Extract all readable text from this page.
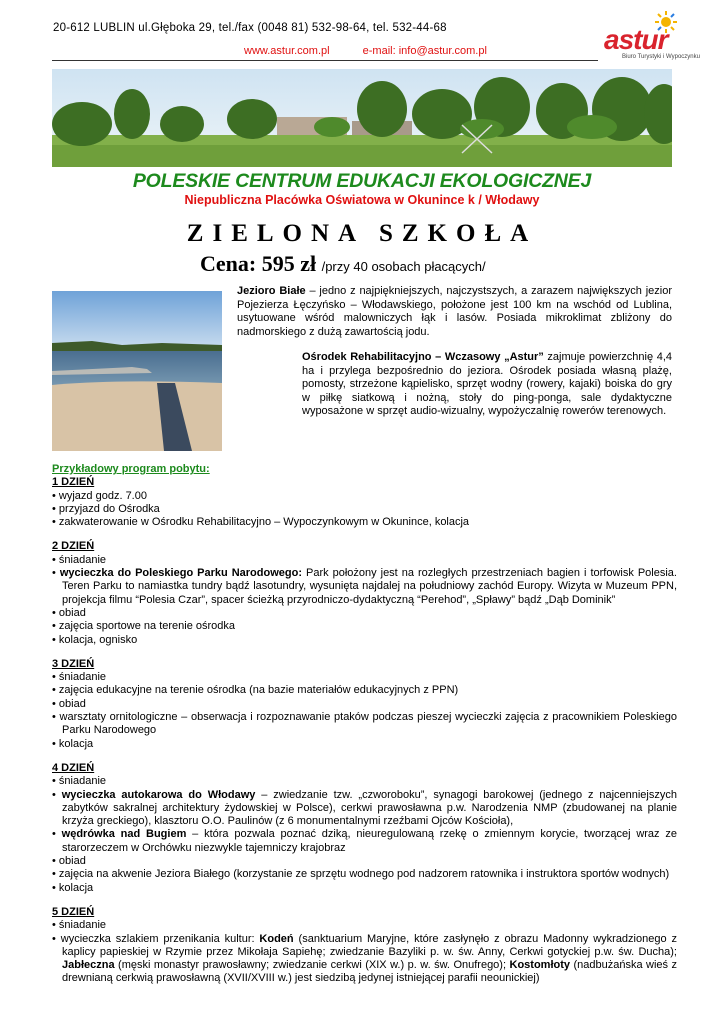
20-612 LUBLIN ul.Głęboka 29, tel./fax (0048 81) 532-98-64, tel. 532-44-68
www.astur.com.pl	e-mail: info@astur.com.pl	astur
Biuro Turystyki i Wypoczynku
POLESKIE CENTRUM EDUKACJI EKOLOGICZNEJ
Niepubliczna Placówka Oświatowa w Okunince k / Włodawy
ZIELONA SZKOŁA
Cena: 595 zł /przy 40 osobach płacących/
Jezioro Białe – jedno z najpiękniejszych, najczystszych, a zarazem największych jezior Pojezierza Łęczyńsko – Włodawskiego, położone jest 100 km na wschód od Lublina, usytuowane wśród malowniczych łąk i lasów. Posiada mikroklimat zbliżony do nadmorskiego z dużą zawartością jodu.
Ośrodek Rehabilitacyjno – Wczasowy „Astur” zajmuje powierzchnię 4,4 ha i przylega bezpośrednio do jeziora. Ośrodek posiada własną plażę, pomosty, strzeżone kąpielisko, sprzęt wodny (rowery, kajaki) boiska do gry w piłkę siatkową i nożną, stoły do ping-ponga, sale dydaktyczne wyposażone w sprzęt audio-wizualny, wypożyczalnię rowerów terenowych.
Przykładowy program pobytu:
1 DZIEŃ
• wyjazd godz. 7.00
• przyjazd do Ośrodka
• zakwaterowanie w Ośrodku Rehabilitacyjno – Wypoczynkowym w Okunince, kolacja
2 DZIEŃ
• śniadanie
• wycieczka do Poleskiego Parku Narodowego: Park położony jest na rozległych przestrzeniach bagien i torfowisk Polesia. Teren Parku to namiastka tundry bądź lasotundry, wysunięta najdalej na południowy zachód Europy. Wizyta w Muzeum PPN, projekcja filmu “Polesia Czar”, spacer ścieżką przyrodniczo-dydaktyczną “Perehod”, „Spławy” bądź „Dąb Dominik”
• obiad
• zajęcia sportowe na terenie ośrodka
• kolacja, ognisko
3 DZIEŃ
• śniadanie
• zajęcia edukacyjne na terenie ośrodka (na bazie materiałów edukacyjnych z PPN)
• obiad
• warsztaty ornitologiczne – obserwacja i rozpoznawanie ptaków podczas pieszej wycieczki zajęcia z pracownikiem Poleskiego Parku Narodowego
• kolacja
4 DZIEŃ
• śniadanie
• wycieczka autokarowa do Włodawy – zwiedzanie tzw. „czworoboku”, synagogi barokowej (jednego z najcenniejszych zabytków sakralnej architektury żydowskiej w Polsce), cerkwi prawosławna p.w. Narodzenia NMP (zbudowanej na planie krzyża greckiego), klasztoru O.O. Paulinów (z 6 monumentalnymi rzeźbami Ojców Kościoła),
• wędrówka nad Bugiem – która pozwala poznać dziką, nieuregulowaną rzekę o zmiennym korycie, tworzącej wraz ze starorzeczem w Orchówku niezwykle tajemniczy krajobraz
• obiad
• zajęcia na akwenie Jeziora Białego (korzystanie ze sprzętu wodnego pod nadzorem ratownika i instruktora sportów wodnych)
• kolacja
5 DZIEŃ
• śniadanie
• wycieczka szlakiem przenikania kultur: Kodeń (sanktuarium Maryjne, które zasłynęło z obrazu Madonny wykradzionego z kaplicy papieskiej w Rzymie przez Mikołaja Sapiehę; zwiedzanie Bazyliki p. w. św. Anny, Cerkwi gotyckiej p.w. św. Ducha); Jabłeczna (męski monastyr prawosławny; zwiedzanie cerkwi (XIX w.) p. w. św. Onufrego); Kostomłoty (nadbużańska wieś z drewnianą cerkwią prawosławną (XVII/XVIII w.) jest siedzibą jedynej istniejącej parafii neounickiej)
